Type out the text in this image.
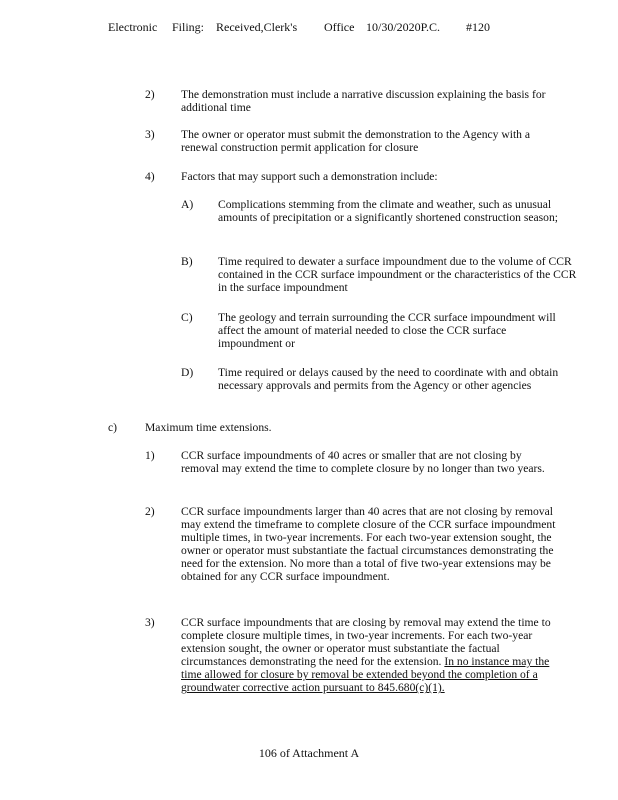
Electronic Filing: Received,Clerk's Office 10/30/2020P.C. #120
2) The demonstration must include a narrative discussion explaining the basis for additional time
3) The owner or operator must submit the demonstration to the Agency with a renewal construction permit application for closure
4) Factors that may support such a demonstration include:
A) Complications stemming from the climate and weather, such as unusual amounts of precipitation or a significantly shortened construction season;
B) Time required to dewater a surface impoundment due to the volume of CCR contained in the CCR surface impoundment or the characteristics of the CCR in the surface impoundment
C) The geology and terrain surrounding the CCR surface impoundment will affect the amount of material needed to close the CCR surface impoundment or
D) Time required or delays caused by the need to coordinate with and obtain necessary approvals and permits from the Agency or other agencies
c) Maximum time extensions.
1) CCR surface impoundments of 40 acres or smaller that are not closing by removal may extend the time to complete closure by no longer than two years.
2) CCR surface impoundments larger than 40 acres that are not closing by removal may extend the timeframe to complete closure of the CCR surface impoundment multiple times, in two-year increments. For each two-year extension sought, the owner or operator must substantiate the factual circumstances demonstrating the need for the extension. No more than a total of five two-year extensions may be obtained for any CCR surface impoundment.
3) CCR surface impoundments that are closing by removal may extend the time to complete closure multiple times, in two-year increments. For each two-year extension sought, the owner or operator must substantiate the factual circumstances demonstrating the need for the extension. In no instance may the time allowed for closure by removal be extended beyond the completion of a groundwater corrective action pursuant to 845.680(c)(1).
106 of Attachment A
